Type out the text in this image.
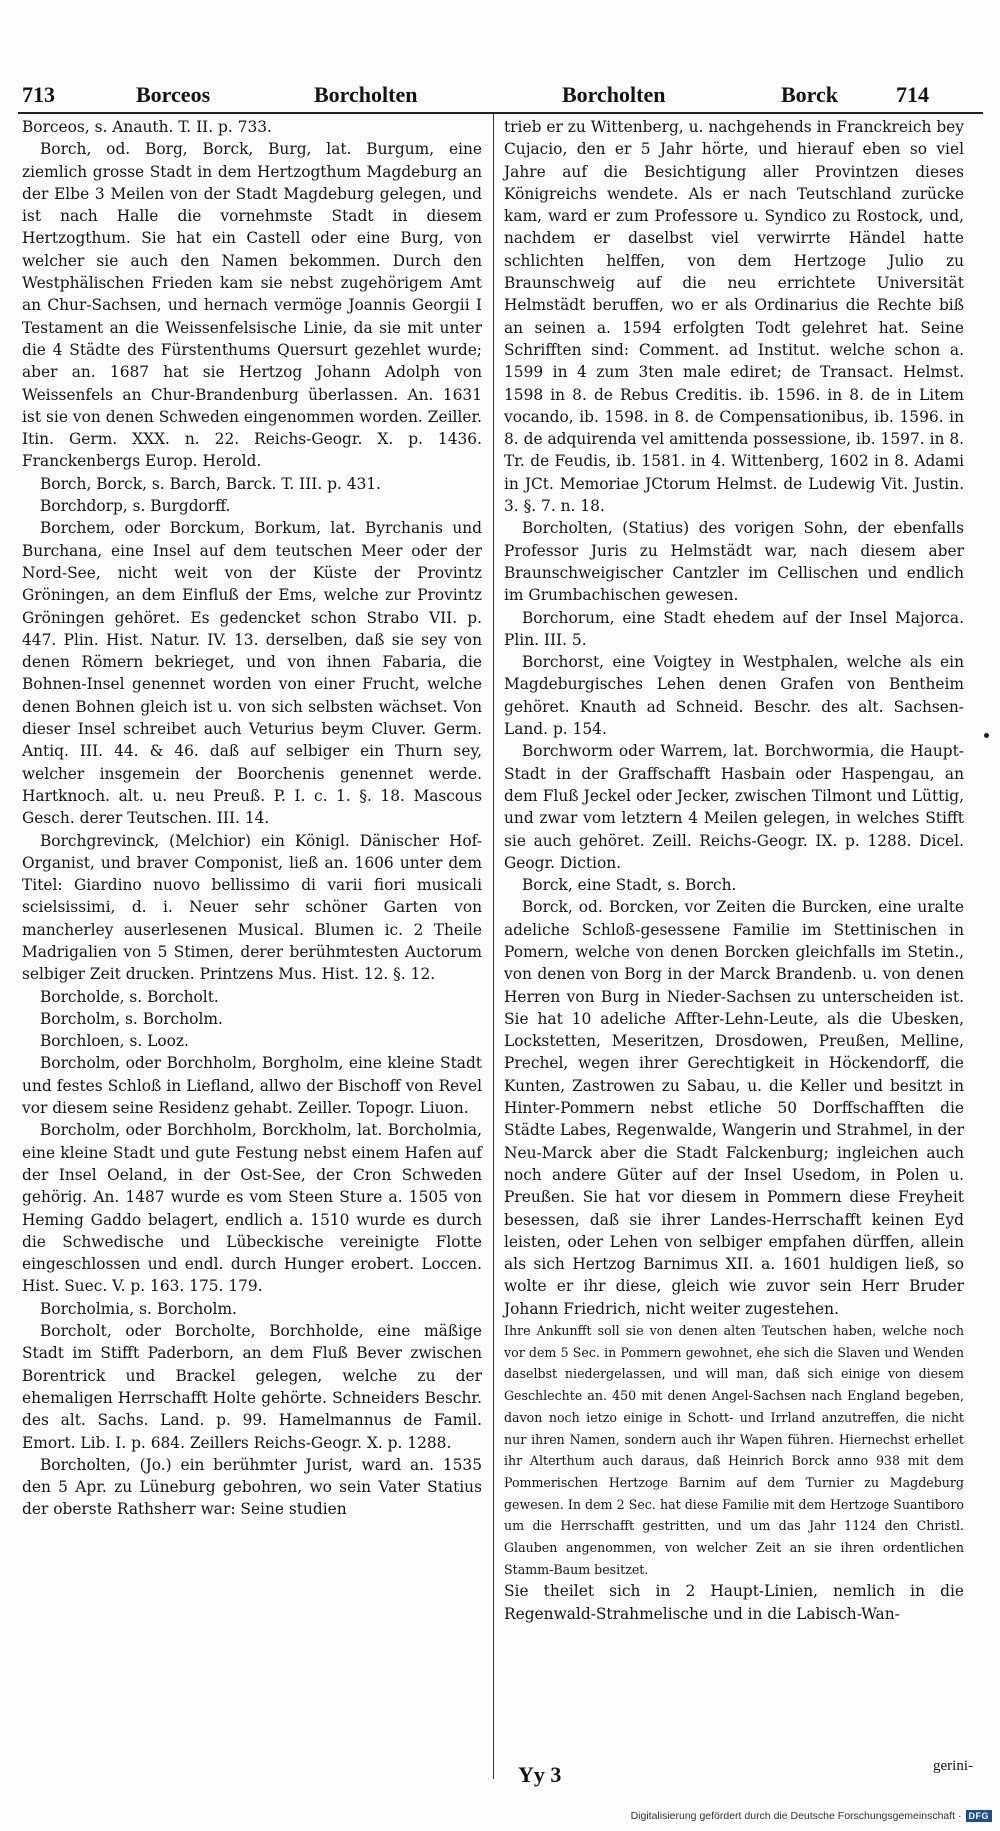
713	Borceos	Borcholten	Borcholten	Borck	714

Borceos, s. Anauth. T. II. p. 733.

Borch, od. Borg, Borck, Burg, lat. Burgum, eine ziemlich grosse Stadt in dem Hertzogthum Magdeburg an der Elbe 3 Meilen von der Stadt Magdeburg gelegen, und ist nach Halle die vornehmste Stadt in diesem Hertzogthum. Sie hat ein Castell oder eine Burg, von welcher sie auch den Namen bekommen. Durch den Westphälischen Frieden kam sie nebst zugehörigem Amt an Chur-Sachsen, und hernach vermöge Joannis Georgii I Testament an die Weissenfelsische Linie, da sie mit unter die 4 Städte des Fürstenthums Quersurt gezehlet wurde; aber an. 1687 hat sie Hertzog Johann Adolph von Weissenfels an Chur-Brandenburg überlassen. An. 1631 ist sie von denen Schweden eingenommen worden. Zeiller. Itin. Germ. XXX. n. 22. Reichs-Geogr. X. p. 1436. Franckenbergs Europ. Herold.

Borch, Borck, s. Barch, Barck. T. III. p. 431.

Borchdorp, s. Burgdorff.

Borchem, oder Borckum, Borkum, lat. Byrchanis und Burchana, eine Insel auf dem teutschen Meer oder der Nord-See, nicht weit von der Küste der Provintz Gröningen, an dem Einfluß der Ems, welche zur Provintz Gröningen gehöret. Es gedencket schon Strabo VII. p. 447. Plin. Hist. Natur. IV. 13. derselben, daß sie sey von denen Römern bekrieget, und von ihnen Fabaria, die Bohnen-Insel genennet worden von einer Frucht, welche denen Bohnen gleich ist u. von sich selbsten wächset. Von dieser Insel schreibet auch Veturius beym Cluver. Germ. Antiq. III. 44. & 46. daß auf selbiger ein Thurn sey, welcher insgemein der Boorchenis genennet werde. Hartknoch. alt. u. neu Preuß. P. I. c. 1. §. 18. Mascous Gesch. derer Teutschen. III. 14.

Borchgrevinck, (Melchior) ein Königl. Dänischer Hof-Organist, und braver Componist, ließ an. 1606 unter dem Titel: Giardino nuovo bellissimo di varii fiori musicali scielsissimi, d. i. Neuer sehr schöner Garten von mancherley auserlesenen Musical. Blumen ic. 2 Theile Madrigalien von 5 Stimen, derer berühmtesten Auctorum selbiger Zeit drucken. Printzens Mus. Hist. 12. §. 12.

Borcholde, s. Borcholt.

Borcholm, s. Borcholm.

Borchloen, s. Looz.

Borcholm, oder Borchholm, Borgholm, eine kleine Stadt und festes Schloß in Liefland, allwo der Bischoff von Revel vor diesem seine Residenz gehabt. Zeiller. Topogr. Liuon.

Borcholm, oder Borchholm, Borckholm, lat. Borcholmia, eine kleine Stadt und gute Festung nebst einem Hafen auf der Insel Oeland, in der Ost-See, der Cron Schweden gehörig. An. 1487 wurde es vom Steen Sture a. 1505 von Heming Gaddo belagert, endlich a. 1510 wurde es durch die Schwedische und Lübeckische vereinigte Flotte eingeschlossen und endl. durch Hunger erobert. Loccen. Hist. Suec. V. p. 163. 175. 179.

Borcholmia, s. Borcholm.

Borcholt, oder Borcholte, Borchholde, eine mäßige Stadt im Stifft Paderborn, an dem Fluß Bever zwischen Borentrick und Brackel gelegen, welche zu der ehemaligen Herrschafft Holte gehörte. Schneiders Beschr. des alt. Sachs. Land. p. 99. Hamelmannus de Famil. Emort. Lib. I. p. 684. Zeillers Reichs-Geogr. X. p. 1288.

Borcholten, (Jo.) ein berühmter Jurist, ward an. 1535 den 5 Apr. zu Lüneburg gebohren, wo sein Vater Statius der oberste Rathsherr war: Seine studien

trieb er zu Wittenberg, u. nachgehends in Franckreich bey Cujacio, den er 5 Jahr hörte, und hierauf eben so viel Jahre auf die Besichtigung aller Provintzen dieses Königreichs wendete. Als er nach Teutschland zurücke kam, ward er zum Professore u. Syndico zu Rostock, und, nachdem er daselbst viel verwirrte Händel hatte schlichten helffen, von dem Hertzoge Julio zu Braunschweig auf die neu errichtete Universität Helmstädt beruffen, wo er als Ordinarius die Rechte biß an seinen a. 1594 erfolgten Todt gelehret hat. Seine Schrifften sind: Comment. ad Institut. welche schon a. 1599 in 4 zum 3ten male ediret; de Transact. Helmst. 1598 in 8. de Rebus Creditis. ib. 1596. in 8. de in Litem vocando, ib. 1598. in 8. de Compensationibus, ib. 1596. in 8. de adquirenda vel amittenda possessione, ib. 1597. in 8. Tr. de Feudis, ib. 1581. in 4. Wittenberg, 1602 in 8. Adami in JCt. Memoriae JCtorum Helmst. de Ludewig Vit. Justin. 3. §. 7. n. 18.

Borcholten, (Statius) des vorigen Sohn, der ebenfalls Professor Juris zu Helmstädt war, nach diesem aber Braunschweigischer Cantzler im Cellischen und endlich im Grumbachischen gewesen.

Borchorum, eine Stadt ehedem auf der Insel Majorca. Plin. III. 5.

Borchorst, eine Voigtey in Westphalen, welche als ein Magdeburgisches Lehen denen Grafen von Bentheim gehöret. Knauth ad Schneid. Beschr. des alt. Sachsen-Land. p. 154.

Borchworm oder Warrem, lat. Borchwormia, die Haupt-Stadt in der Graffschafft Hasbain oder Haspengau, an dem Fluß Jeckel oder Jecker, zwischen Tilmont und Lüttig, und zwar vom letztern 4 Meilen gelegen, in welches Stifft sie auch gehöret. Zeill. Reichs-Geogr. IX. p. 1288. Dicel. Geogr. Diction.

Borck, eine Stadt, s. Borch.

Borck, od. Borcken, vor Zeiten die Burcken, eine uralte adeliche Schloß-gesessene Familie im Stettinischen in Pomern, welche von denen Borcken gleichfalls im Stetin., von denen von Borg in der Marck Brandenb. u. von denen Herren von Burg in Nieder-Sachsen zu unterscheiden ist. Sie hat 10 adeliche Affter-Lehn-Leute, als die Ubesken, Lockstetten, Meseritzen, Drosdowen, Preußen, Melline, Prechel, wegen ihrer Gerechtigkeit in Höckendorff, die Kunten, Zastrowen zu Sabau, u. die Keller und besitzt in Hinter-Pommern nebst etliche 50 Dorffschafften die Städte Labes, Regenwalde, Wangerin und Strahmel, in der Neu-Marck aber die Stadt Falckenburg; ingleichen auch noch andere Güter auf der Insel Usedom, in Polen u. Preußen. Sie hat vor diesem in Pommern diese Freyheit besessen, daß sie ihrer Landes-Herrschafft keinen Eyd leisten, oder Lehen von selbiger empfahen dürffen, allein als sich Hertzog Barnimus XII. a. 1601 huldigen ließ, so wolte er ihr diese, gleich wie zuvor sein Herr Bruder Johann Friedrich, nicht weiter zugestehen.

Ihre Ankunfft soll sie von denen alten Teutschen haben, welche noch vor dem 5 Sec. in Pommern gewohnet, ehe sich die Slaven und Wenden daselbst niedergelassen, und will man, daß sich einige von diesem Geschlechte an. 450 mit denen Angel-Sachsen nach England begeben, davon noch ietzo einige in Schott- und Irrland anzutreffen, die nicht nur ihren Namen, sondern auch ihr Wapen führen. Hiernechst erhellet ihr Alterthum auch daraus, daß Heinrich Borck anno 938 mit dem Pommerischen Hertzoge Barnim auf dem Turnier zu Magdeburg gewesen. In dem 2 Sec. hat diese Familie mit dem Hertzoge Suantiboro um die Herrschafft gestritten, und um das Jahr 1124 den Christl. Glauben angenommen, von welcher Zeit an sie ihren ordentlichen Stamm-Baum besitzet.

Sie theilet sich in 2 Haupt-Linien, nemlich in die Regenwald-Strahmelische und in die Labisch-Wan-

Yy 3	gerini-
Digitalisierung gefördert durch die Deutsche Forschungsgemeinschaft · DFG
